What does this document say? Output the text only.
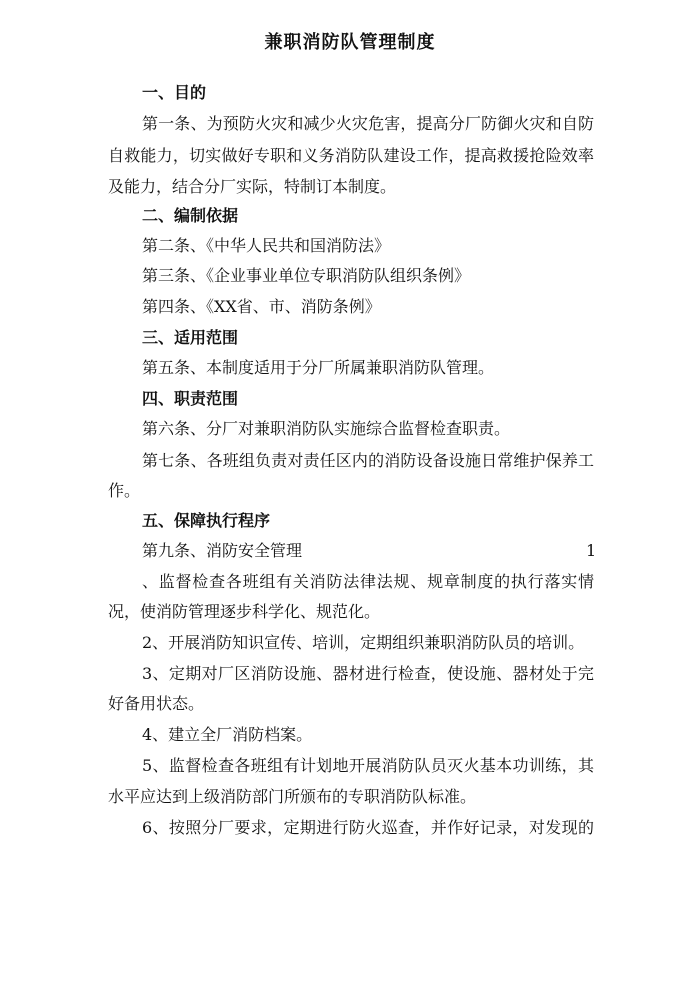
兼职消防队管理制度
一、目的
第一条、为预防火灾和减少火灾危害，提高分厂防御火灾和自防
自救能力，切实做好专职和义务消防队建设工作，提高救援抢险效率
及能力，结合分厂实际，特制订本制度。
二、编制依据
第二条、《中华人民共和国消防法》
第三条、《企业事业单位专职消防队组织条例》
第四条、《XX省、市、消防条例》
三、适用范围
第五条、本制度适用于分厂所属兼职消防队管理。
四、职责范围
第六条、分厂对兼职消防队实施综合监督检查职责。
第七条、各班组负责对责任区内的消防设备设施日常维护保养工
作。
五、保障执行程序
第九条、消防安全管理	1
、监督检查各班组有关消防法律法规、规章制度的执行落实情
况，使消防管理逐步科学化、规范化。
2、开展消防知识宣传、培训，定期组织兼职消防队员的培训。
3、定期对厂区消防设施、器材进行检查，使设施、器材处于完
好备用状态。
4、建立全厂消防档案。
5、监督检查各班组有计划地开展消防队员灭火基本功训练，其
水平应达到上级消防部门所颁布的专职消防队标准。
6、按照分厂要求，定期进行防火巡查，并作好记录，对发现的
